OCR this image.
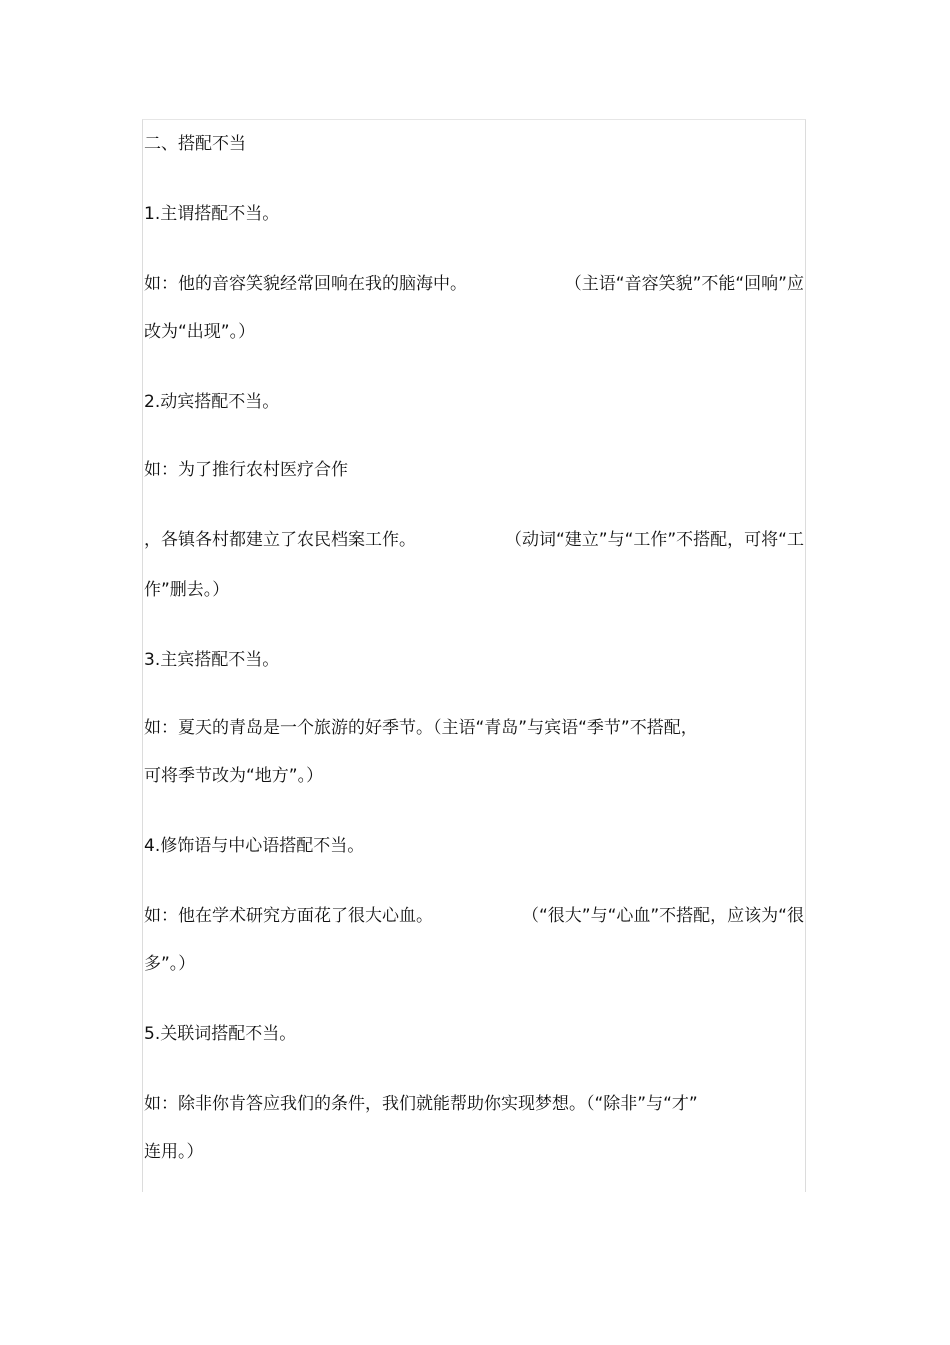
二、搭配不当

1.主谓搭配不当。

如：他的音容笑貌经常回响在我的脑海中。	（主语“音容笑貌”不能“回响”应

改为“出现”。）

2.动宾搭配不当。

如：为了推行农村医疗合作

，各镇各村都建立了农民档案工作。	（动词“建立”与“工作”不搭配，可将“工

作”删去。）

3.主宾搭配不当。

如：夏天的青岛是一个旅游的好季节。（主语“青岛”与宾语“季节”不搭配，

可将季节改为“地方”。）

4.修饰语与中心语搭配不当。

如：他在学术研究方面花了很大心血。	（“很大”与“心血”不搭配，应该为“很

多”。）

5.关联词搭配不当。

如：除非你肯答应我们的条件，我们就能帮助你实现梦想。（“除非”与“才”

连用。）
